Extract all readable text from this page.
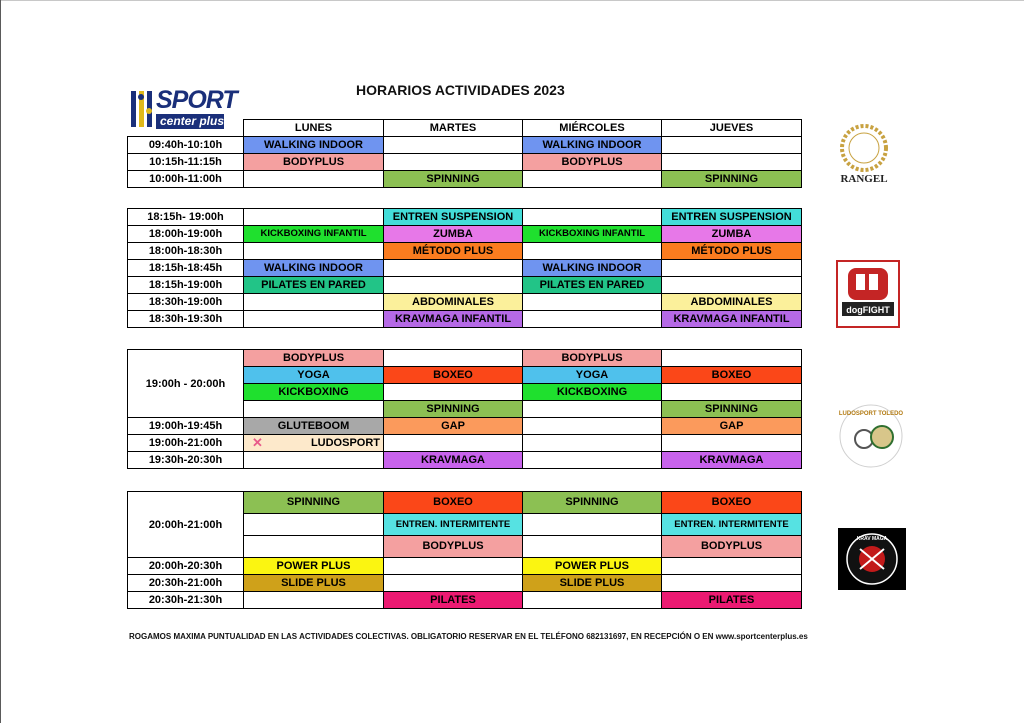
HORARIOS ACTIVIDADES 2023
SPORT
center plus
		LUNES	MARTES	MIÉRCOLES	JUEVES
09:40h-10:10h	WALKING INDOOR		WALKING INDOOR	
10:15h-11:15h	BODYPLUS		BODYPLUS	
10:00h-11:00h		SPINNING		SPINNING
18:15h- 19:00h		ENTREN SUSPENSION		ENTREN SUSPENSION
18:00h-19:00h	KICKBOXING INFANTIL	ZUMBA	KICKBOXING INFANTIL	ZUMBA
18:00h-18:30h		MÉTODO PLUS		MÉTODO PLUS
18:15h-18:45h	WALKING INDOOR		WALKING INDOOR	
18:15h-19:00h	PILATES EN PARED		PILATES EN PARED	
18:30h-19:00h		ABDOMINALES		ABDOMINALES
18:30h-19:30h		KRAVMAGA INFANTIL		KRAVMAGA INFANTIL
19:00h - 20:00h	BODYPLUS		BODYPLUS	
	YOGA	BOXEO	YOGA	BOXEO
	KICKBOXING		KICKBOXING	
		SPINNING		SPINNING
19:00h-19:45h	GLUTEBOOM	GAP		GAP
19:00h-21:00h	LUDOSPORT
✕			

19:30h-20:30h		KRAVMAGA		KRAVMAGA
20:00h-21:00h	SPINNING	BOXEO	SPINNING	BOXEO
		ENTREN. INTERMITENTE		ENTREN. INTERMITENTE
		BODYPLUS		BODYPLUS
20:00h-20:30h	POWER PLUS		POWER PLUS	
20:30h-21:00h	SLIDE PLUS		SLIDE PLUS	
20:30h-21:30h		PILATES		PILATES
ROGAMOS MAXIMA PUNTUALIDAD EN LAS ACTIVIDADES COLECTIVAS. OBLIGATORIO RESERVAR EN EL TELÉFONO 682131697, EN RECEPCIÓN O EN www.sportcenterplus.es
RANGEL
dogFIGHT
LUDOSPORT TOLEDO
KRAV MAGA
